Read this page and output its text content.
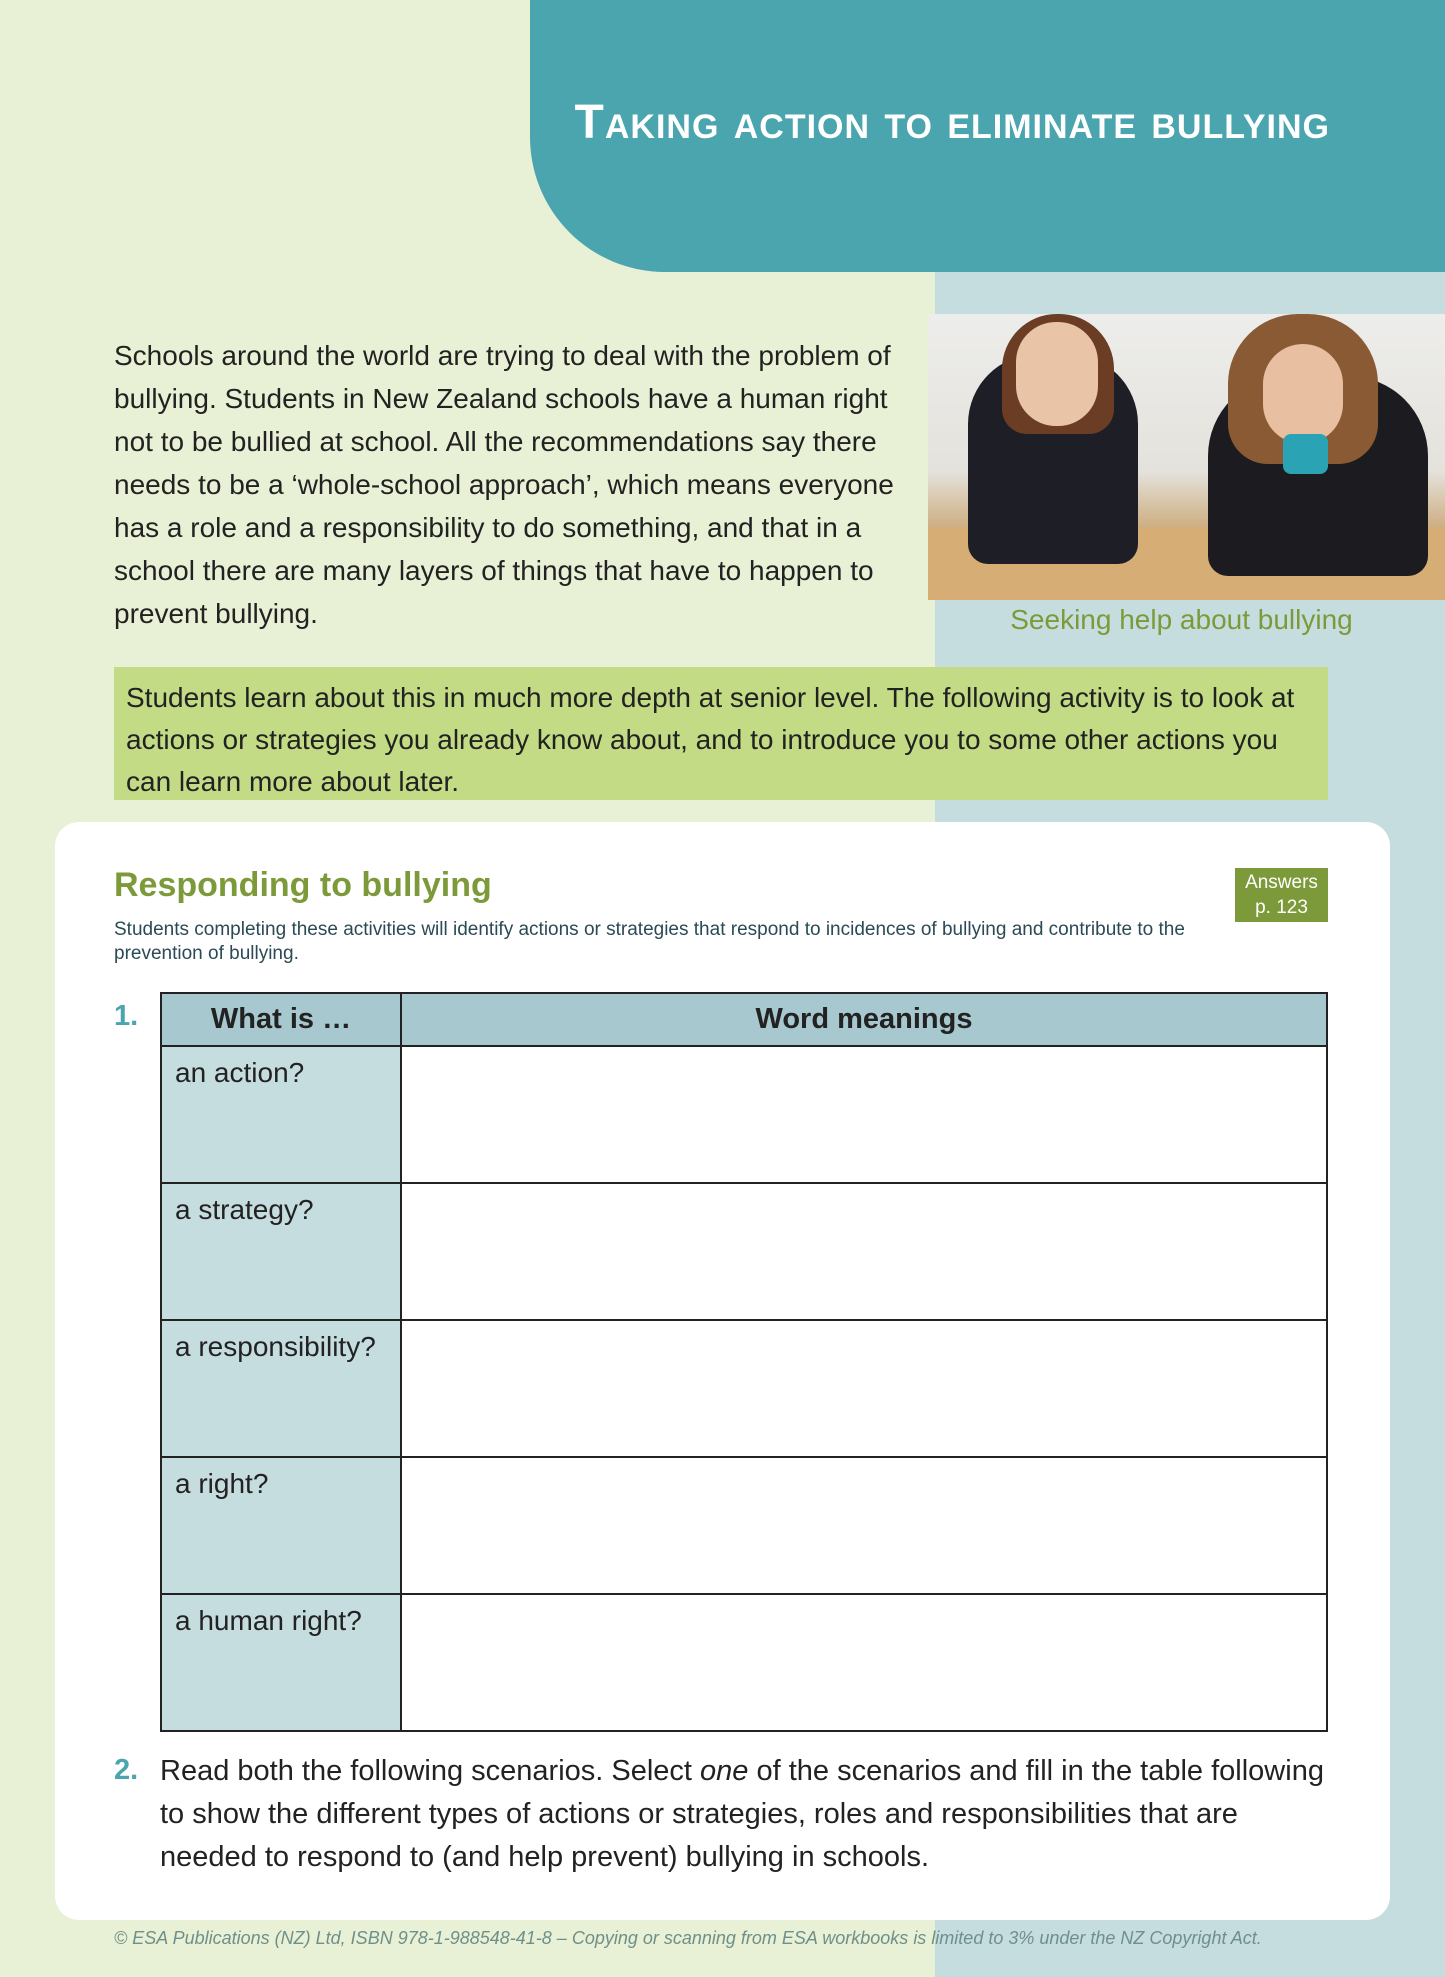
Taking action to eliminate bullying

Schools around the world are trying to deal with the problem of bullying. Students in New Zealand schools have a human right not to be bullied at school. All the recommendations say there needs to be a ‘whole-school approach’, which means everyone has a role and a responsibility to do something, and that in a school there are many layers of things that have to happen to prevent bullying.	Seeking help about bullying
Students learn about this in much more depth at senior level. The following activity is to look at actions or strategies you already know about, and to introduce you to some other actions you can learn more about later.
Responding to bullying	Answers
p. 123

Students completing these activities will identify actions or strategies that respond to incidences of bullying and contribute to the prevention of bullying.

1.	What is …	Word meanings
an action?	
a strategy?	
a responsibility?	
a right?	
a human right?	
2. Read both the following scenarios. Select one of the scenarios and fill in the table following to show the different types of actions or strategies, roles and responsibilities that are needed to respond to (and help prevent) bullying in schools.

© ESA Publications (NZ) Ltd, ISBN 978-1-988548-41-8 – Copying or scanning from ESA workbooks is limited to 3% under the NZ Copyright Act.
